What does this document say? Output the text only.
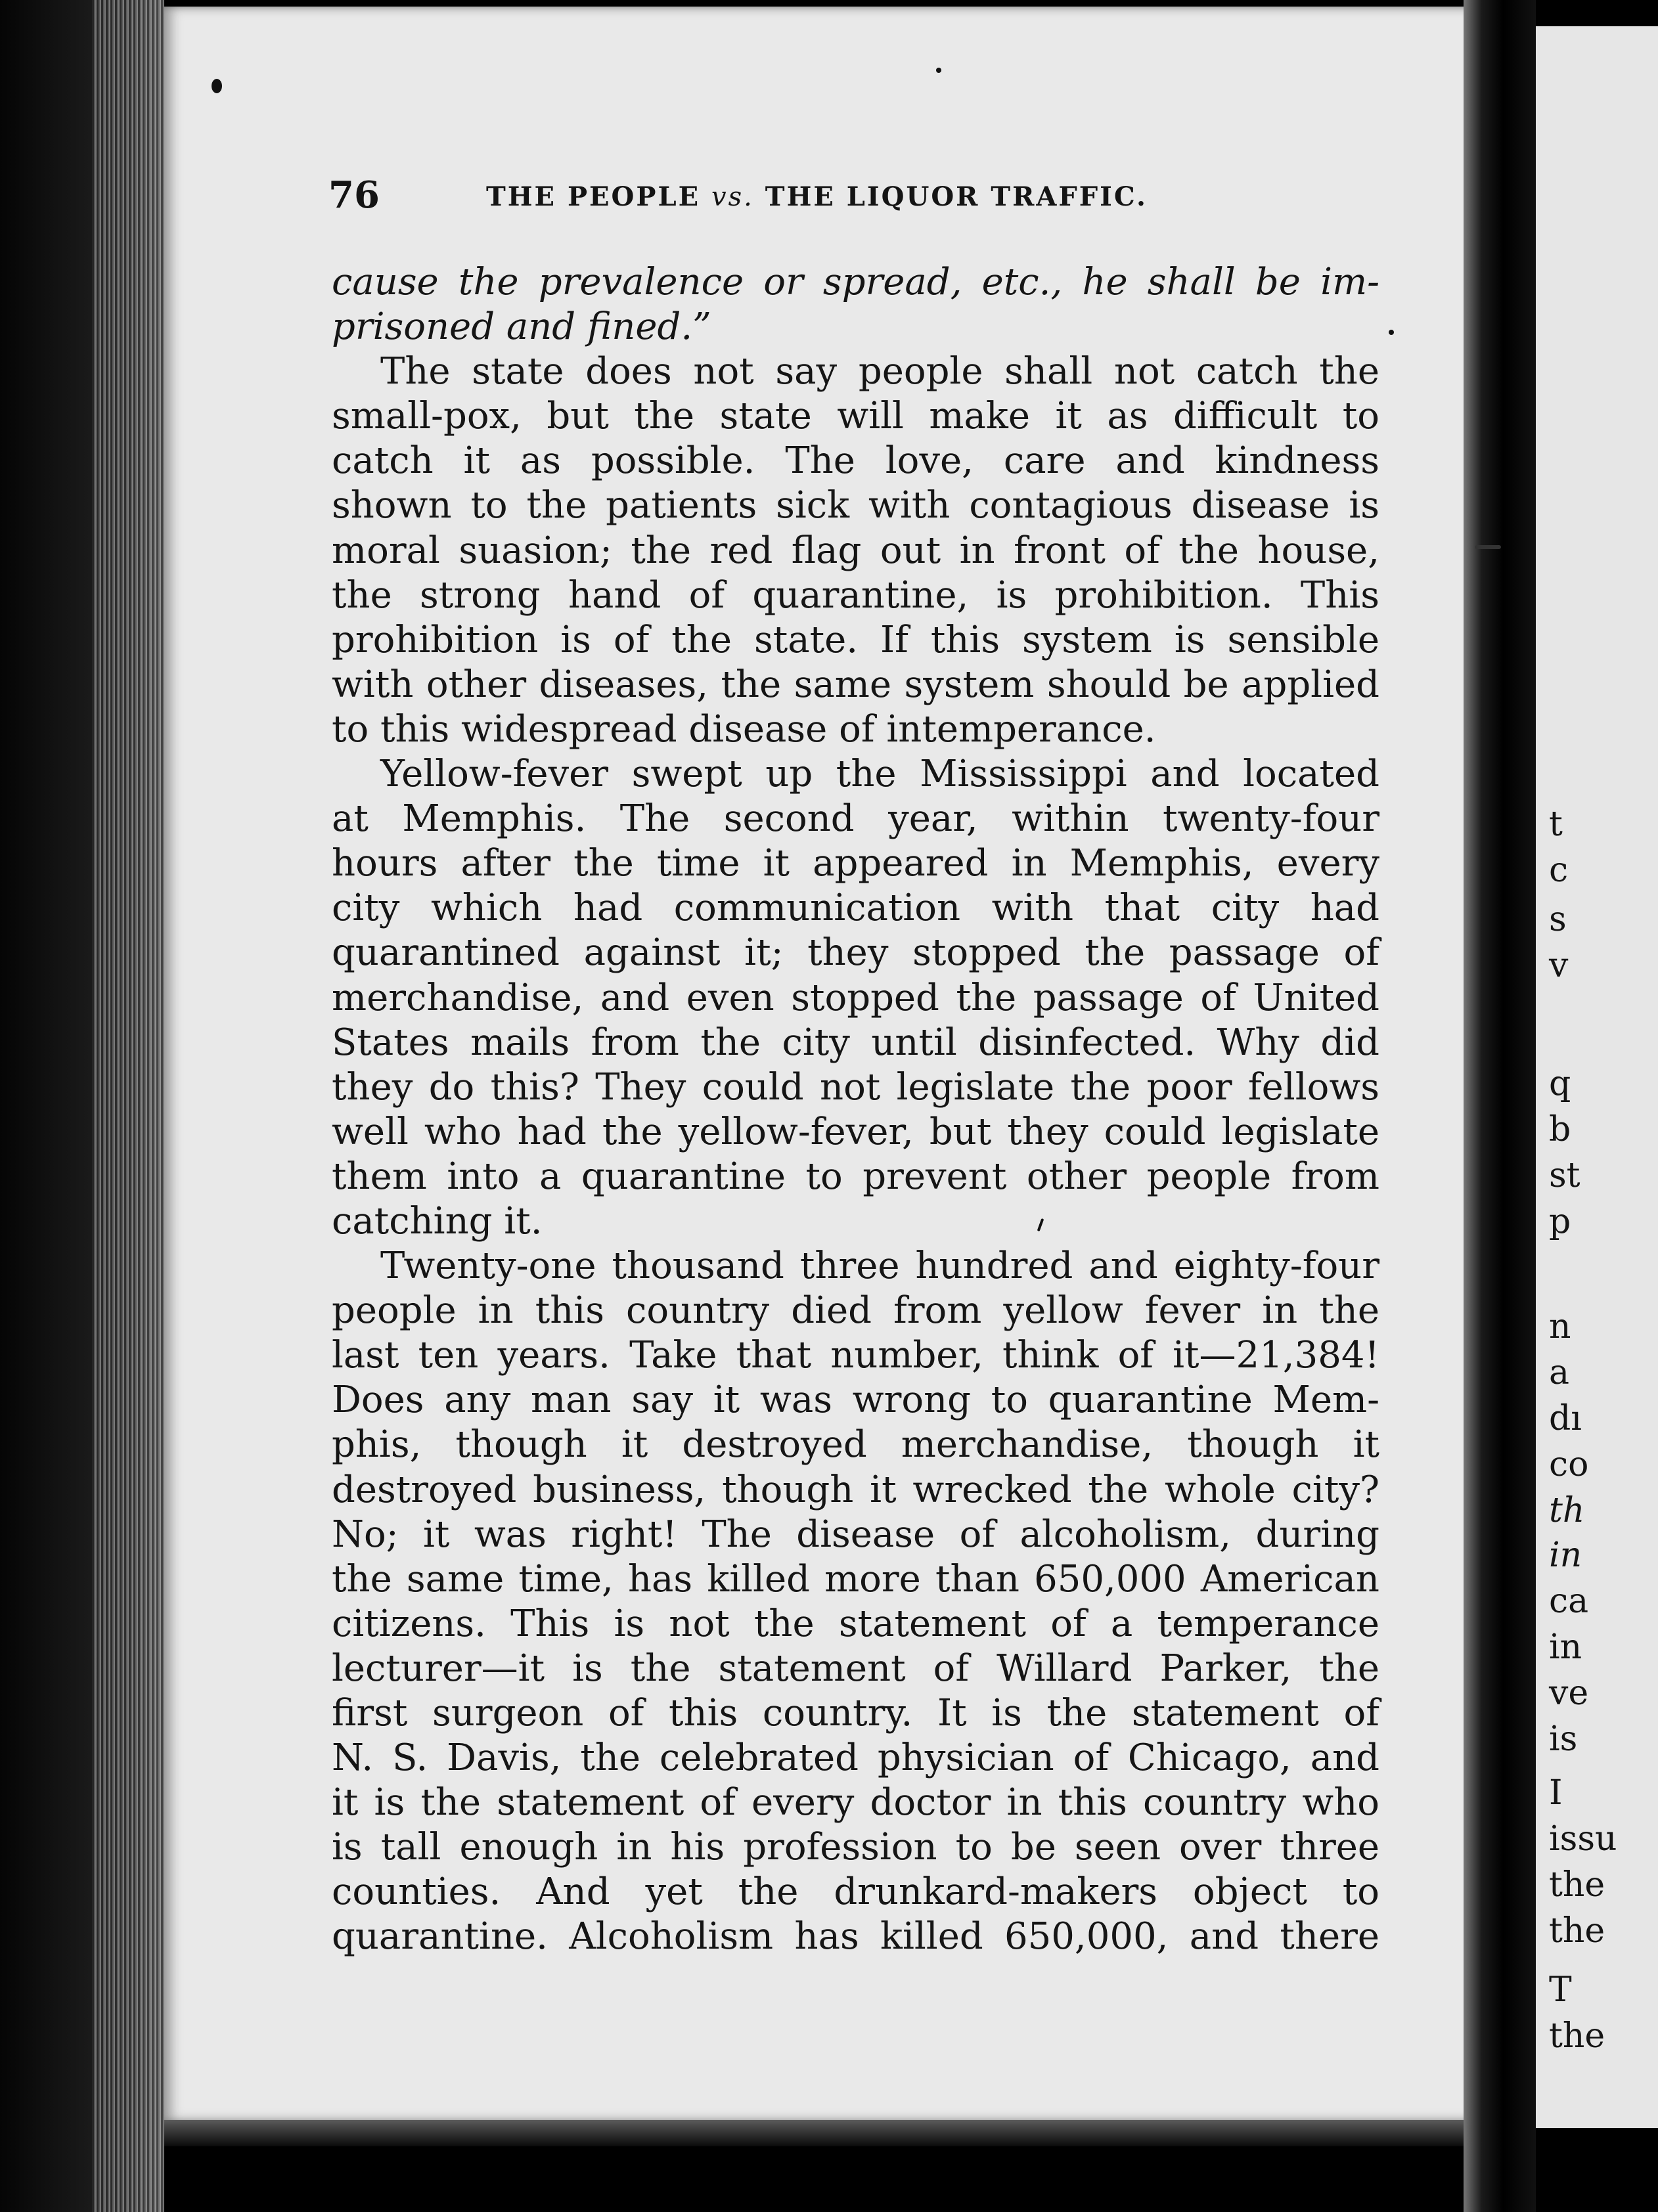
t
c
s
v
q
b
st
p
n
a
dı
co
th
in
ca
in
ve
is
I
issu
the
the
T
the
76	THE PEOPLE vs. THE LIQUOR TRAFFIC.
cause the prevalence or spread, etc., he shall be im-
prisoned and fined.”
The state does not say people shall not catch the
small-pox, but the state will make it as difficult to
catch it as possible. The love, care and kindness
shown to the patients sick with contagious disease is
moral suasion; the red flag out in front of the house,
the strong hand of quarantine, is prohibition. This
prohibition is of the state. If this system is sensible
with other diseases, the same system should be applied
to this widespread disease of intemperance.
Yellow-fever swept up the Mississippi and located
at Memphis. The second year, within twenty-four
hours after the time it appeared in Memphis, every
city which had communication with that city had
quarantined against it; they stopped the passage of
merchandise, and even stopped the passage of United
States mails from the city until disinfected. Why did
they do this? They could not legislate the poor fellows
well who had the yellow-fever, but they could legislate
them into a quarantine to prevent other people from
catching it.
Twenty-one thousand three hundred and eighty-four
people in this country died from yellow fever in the
last ten years. Take that number, think of it—21,384!
Does any man say it was wrong to quarantine Mem-
phis, though it destroyed merchandise, though it
destroyed business, though it wrecked the whole city?
No; it was right! The disease of alcoholism, during
the same time, has killed more than 650,000 American
citizens. This is not the statement of a temperance
lecturer—it is the statement of Willard Parker, the
first surgeon of this country. It is the statement of
N. S. Davis, the celebrated physician of Chicago, and
it is the statement of every doctor in this country who
is tall enough in his profession to be seen over three
counties. And yet the drunkard-makers object to
quarantine. Alcoholism has killed 650,000, and there
